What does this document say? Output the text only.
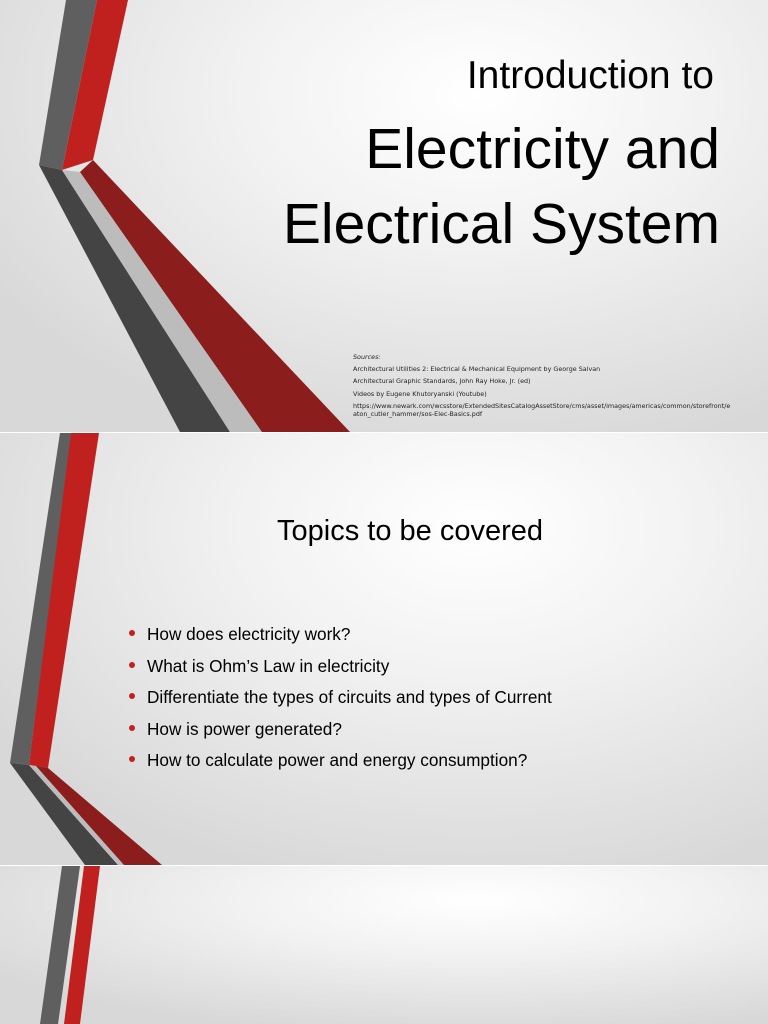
Introduction to
Electricity and
Electrical System
Sources:
Architectural Utilities 2: Electrical & Mechanical Equipment by George Salvan
Architectural Graphic Standards, John Ray Hoke, Jr. (ed)
Videos by Eugene Khutoryanski (Youtube)
https://www.newark.com/wcsstore/ExtendedSitesCatalogAssetStore/cms/asset/images/americas/common/storefront/eaton_cutler_hammer/sos-Elec-Basics.pdf
Topics to be covered
How does electricity work?
What is Ohm’s Law in electricity
Differentiate the types of circuits and types of Current
How is power generated?
How to calculate power and energy consumption?
